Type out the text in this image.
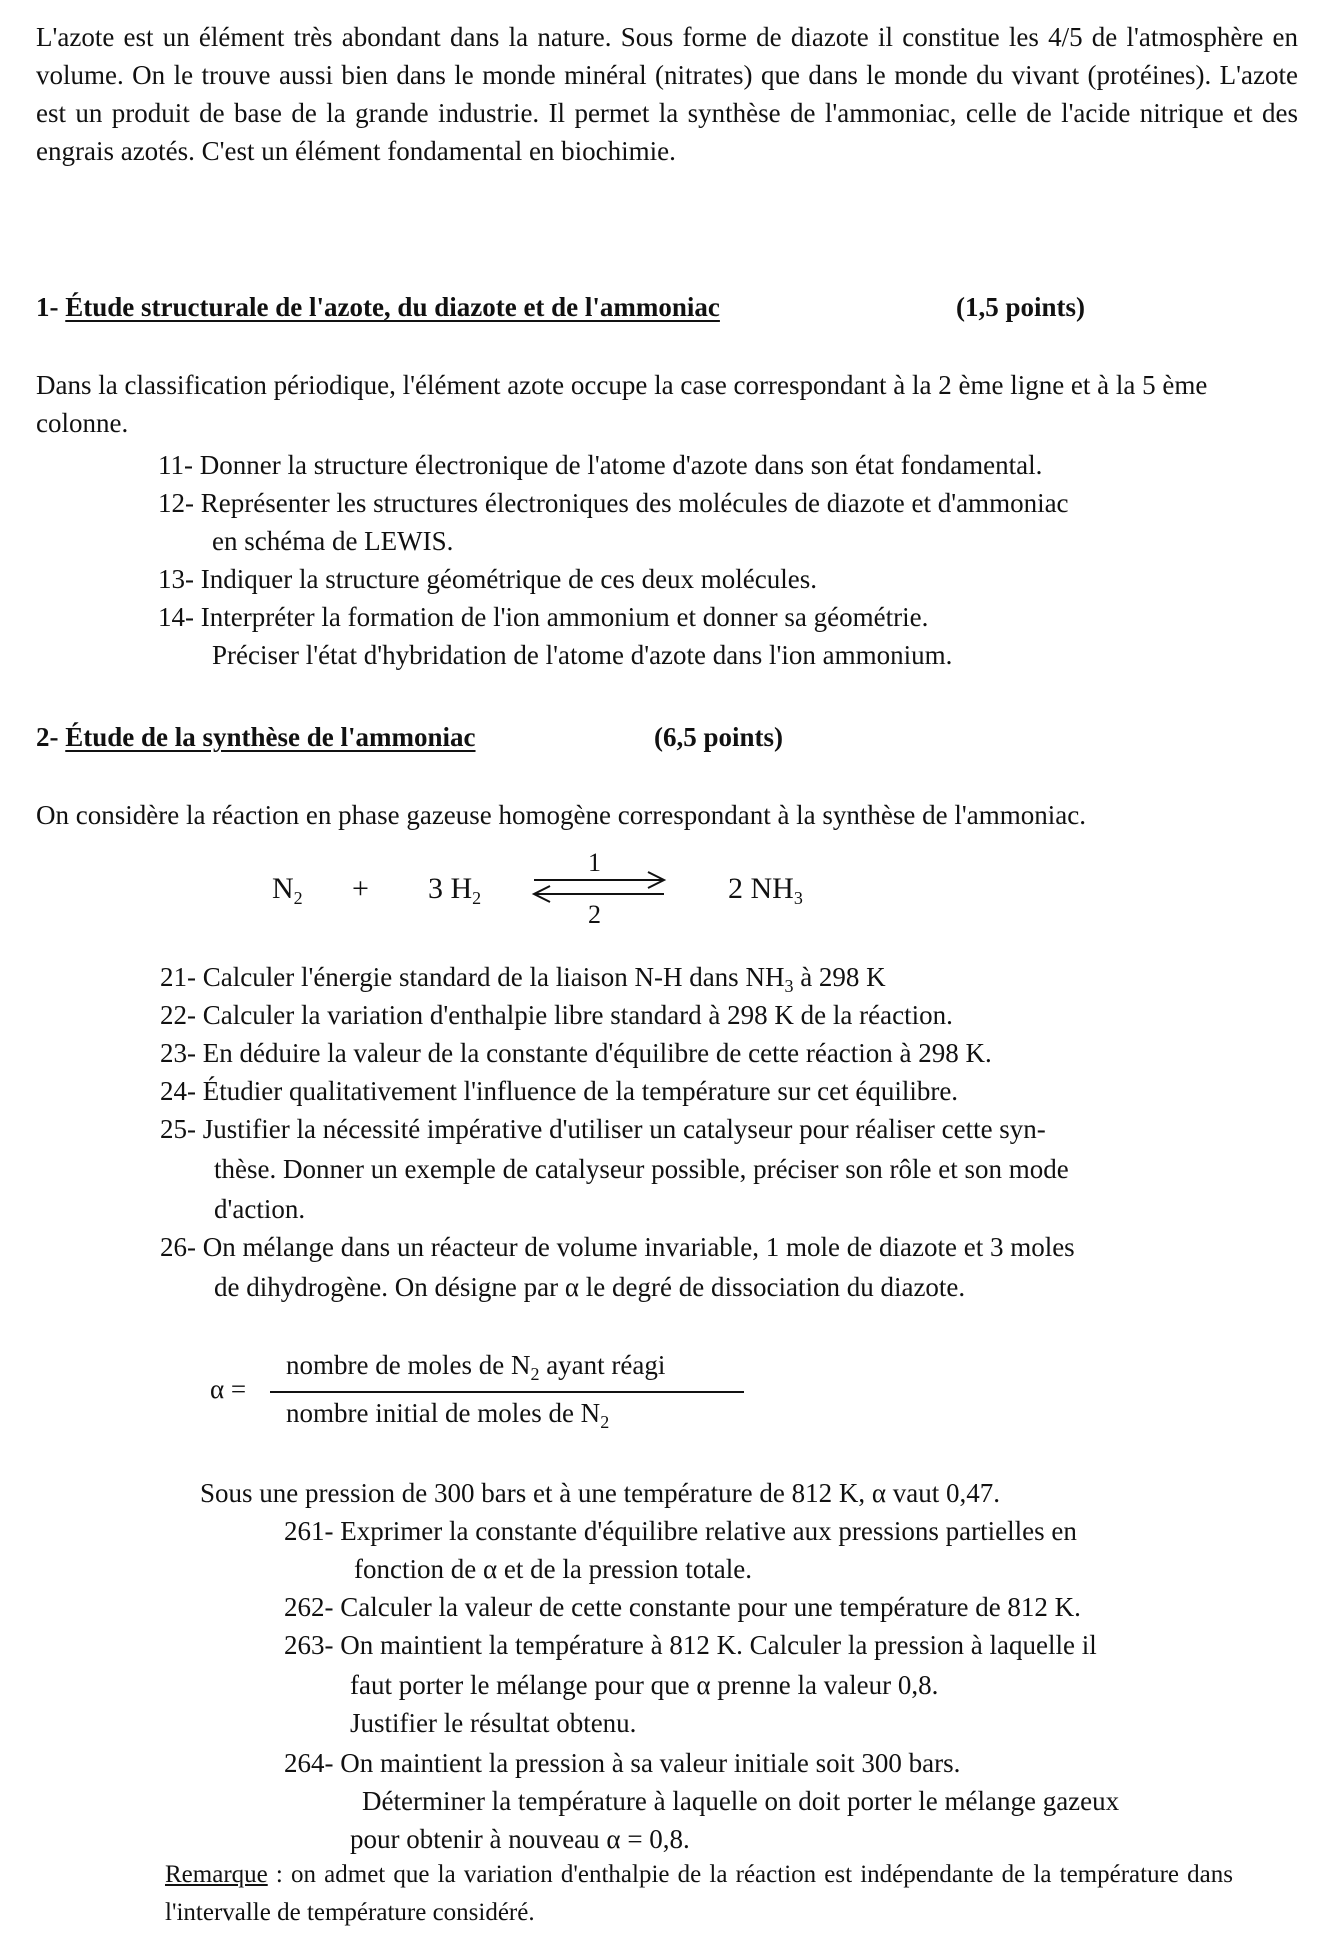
L'azote est un élément très abondant dans la nature. Sous forme de diazote il constitue les 4/5 de l'atmosphère en volume. On le trouve aussi bien dans le monde minéral (nitrates) que dans le monde du vivant (protéines). L'azote est un produit de base de la grande industrie. Il permet la synthèse de l'ammoniac, celle de l'acide nitrique et des engrais azotés. C'est un élément fondamental en biochimie.
1- Étude structurale de l'azote, du diazote et de l'ammoniac	(1,5 points)
Dans la classification périodique, l'élément azote occupe la case correspondant à la 2 ème ligne et à la 5 ème colonne.
11- Donner la structure électronique de l'atome d'azote dans son état fondamental.
12- Représenter les structures électroniques des molécules de diazote et d'ammoniac
en schéma de LEWIS.
13- Indiquer la structure géométrique de ces deux molécules.
14- Interpréter la formation de l'ion ammonium et donner sa géométrie.
Préciser l'état d'hybridation de l'atome d'azote dans l'ion ammonium.
2- Étude de la synthèse de l'ammoniac	(6,5 points)
On considère la réaction en phase gazeuse homogène correspondant à la synthèse de l'ammoniac.
$N_2 + 3$ $H_2$
1
2
2 $NH_3$
21- Calculer l'énergie standard de la liaison N-H dans $NH_3$ à 298 K
22- Calculer la variation d'enthalpie libre standard à 298 K de la réaction.
23- En déduire la valeur de la constante d'équilibre de cette réaction à 298 K.
24- Étudier qualitativement l'influence de la température sur cet équilibre.
25- Justifier la nécessité impérative d'utiliser un catalyseur pour réaliser cette syn-
thèse. Donner un exemple de catalyseur possible, préciser son rôle et son mode
d'action.
26- On mélange dans un réacteur de volume invariable, 1 mole de diazote et 3 moles
de dihydrogène. On désigne par α le degré de dissociation du diazote.
α =
nombre de moles de $N_2$ ayant réagi
nombre initial de moles de $N_2$
Sous une pression de 300 bars et à une température de 812 K, α vaut 0,47.
261- Exprimer la constante d'équilibre relative aux pressions partielles en
fonction de α et de la pression totale.
262- Calculer la valeur de cette constante pour une température de 812 K.
263- On maintient la température à 812 K. Calculer la pression à laquelle il
faut porter le mélange pour que α prenne la valeur 0,8.
Justifier le résultat obtenu.
264- On maintient la pression à sa valeur initiale soit 300 bars.
Déterminer la température à laquelle on doit porter le mélange gazeux
pour obtenir à nouveau α = 0,8.
Remarque : on admet que la variation d'enthalpie de la réaction est indépendante de la température dans l'intervalle de température considéré.
